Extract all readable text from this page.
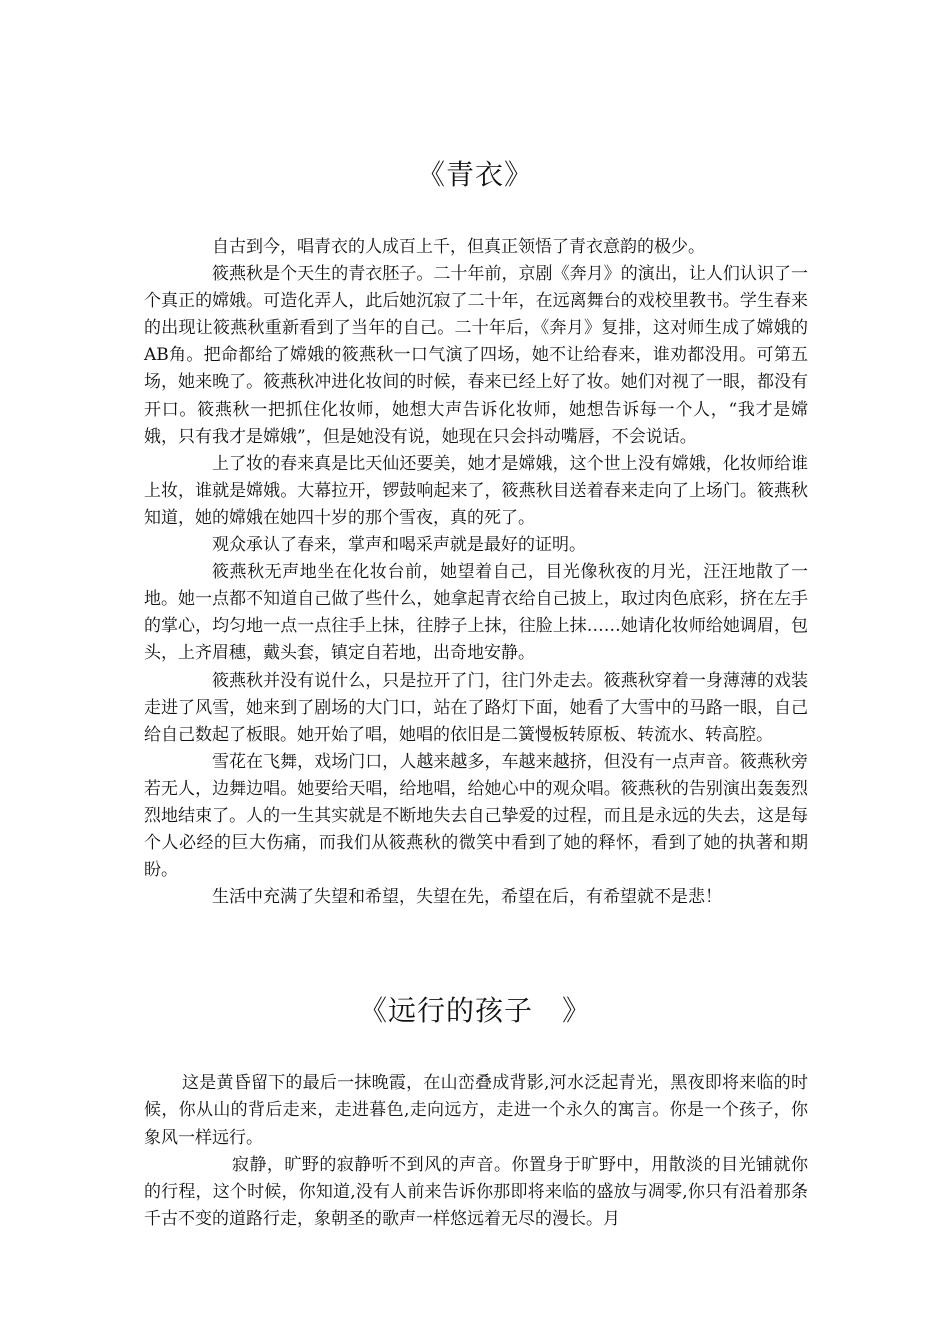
《青衣》

自古到今，唱青衣的人成百上千，但真正领悟了青衣意韵的极少。

筱燕秋是个天生的青衣胚子。二十年前，京剧《奔月》的演出，让人们认识了一个真正的嫦娥。可造化弄人，此后她沉寂了二十年，在远离舞台的戏校里教书。学生春来的出现让筱燕秋重新看到了当年的自己。二十年后，《奔月》复排，这对师生成了嫦娥的AB角。把命都给了嫦娥的筱燕秋一口气演了四场，她不让给春来，谁劝都没用。可第五场，她来晚了。筱燕秋冲进化妆间的时候，春来已经上好了妆。她们对视了一眼，都没有开口。筱燕秋一把抓住化妆师，她想大声告诉化妆师，她想告诉每一个人，“我才是嫦娥，只有我才是嫦娥”，但是她没有说，她现在只会抖动嘴唇，不会说话。

上了妆的春来真是比天仙还要美，她才是嫦娥，这个世上没有嫦娥，化妆师给谁上妆，谁就是嫦娥。大幕拉开，锣鼓响起来了，筱燕秋目送着春来走向了上场门。筱燕秋知道，她的嫦娥在她四十岁的那个雪夜，真的死了。

观众承认了春来，掌声和喝采声就是最好的证明。

筱燕秋无声地坐在化妆台前，她望着自己，目光像秋夜的月光，汪汪地散了一地。她一点都不知道自己做了些什么，她拿起青衣给自己披上，取过肉色底彩，挤在左手的掌心，均匀地一点一点往手上抹，往脖子上抹，往脸上抹……她请化妆师给她调眉，包头，上齐眉穗，戴头套，镇定自若地，出奇地安静。

筱燕秋并没有说什么，只是拉开了门，往门外走去。筱燕秋穿着一身薄薄的戏装走进了风雪，她来到了剧场的大门口，站在了路灯下面，她看了大雪中的马路一眼，自己给自己数起了板眼。她开始了唱，她唱的依旧是二簧慢板转原板、转流水、转高腔。

雪花在飞舞，戏场门口，人越来越多，车越来越挤，但没有一点声音。筱燕秋旁若无人，边舞边唱。她要给天唱，给地唱，给她心中的观众唱。筱燕秋的告别演出轰轰烈烈地结束了。人的一生其实就是不断地失去自己挚爱的过程，而且是永远的失去，这是每个人必经的巨大伤痛，而我们从筱燕秋的微笑中看到了她的释怀，看到了她的执著和期盼。

生活中充满了失望和希望，失望在先，希望在后，有希望就不是悲！

《远行的孩子　》

这是黄昏留下的最后一抹晚霞，在山峦叠成背影,河水泛起青光，黑夜即将来临的时候，你从山的背后走来，走进暮色,走向远方，走进一个永久的寓言。你是一个孩子，你象风一样远行。

寂静，旷野的寂静听不到风的声音。你置身于旷野中，用散淡的目光铺就你的行程，这个时候，你知道,没有人前来告诉你那即将来临的盛放与凋零,你只有沿着那条千古不变的道路行走，象朝圣的歌声一样悠远着无尽的漫长。月
